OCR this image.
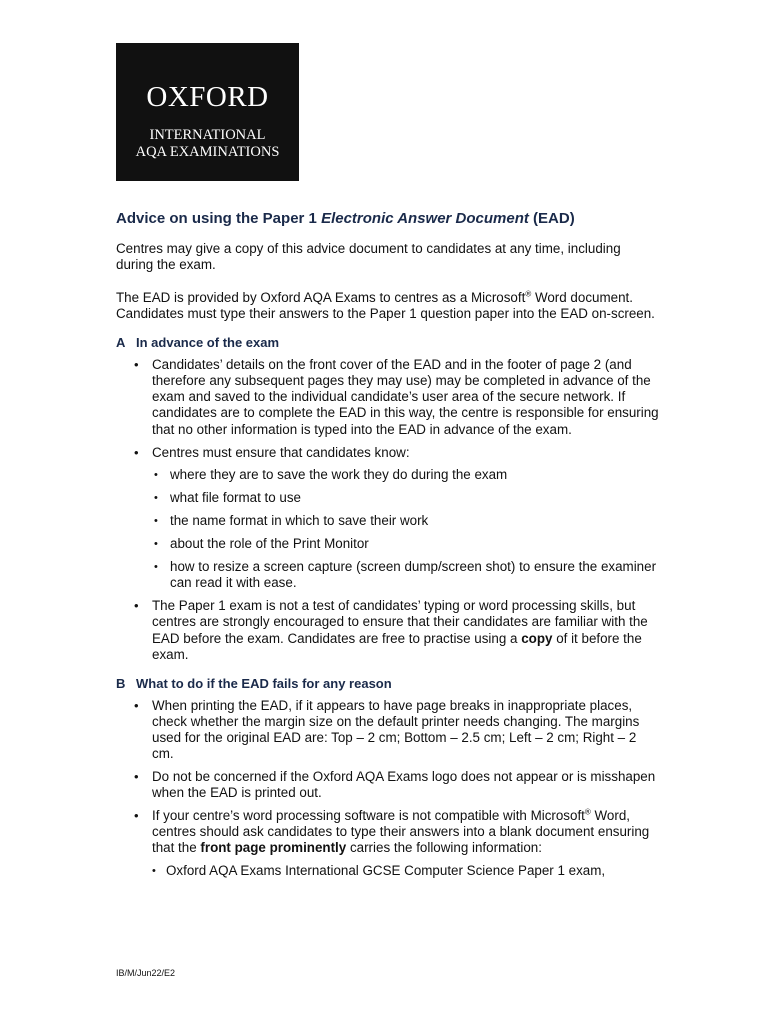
OXFORD
INTERNATIONAL
AQA EXAMINATIONS
Advice on using the Paper 1 Electronic Answer Document (EAD)

Centres may give a copy of this advice document to candidates at any time, including during the exam.

The EAD is provided by Oxford AQA Exams to centres as a Microsoft® Word document. Candidates must type their answers to the Paper 1 question paper into the EAD on-screen.

A In advance of the exam
• Candidates’ details on the front cover of the EAD and in the footer of page 2 (and therefore any subsequent pages they may use) may be completed in advance of the exam and saved to the individual candidate’s user area of the secure network. If candidates are to complete the EAD in this way, the centre is responsible for ensuring that no other information is typed into the EAD in advance of the exam.
• Centres must ensure that candidates know:
• where they are to save the work they do during the exam
• what file format to use
• the name format in which to save their work
• about the role of the Print Monitor
• how to resize a screen capture (screen dump/screen shot) to ensure the examiner can read it with ease.
• The Paper 1 exam is not a test of candidates’ typing or word processing skills, but centres are strongly encouraged to ensure that their candidates are familiar with the EAD before the exam. Candidates are free to practise using a copy of it before the exam.
B What to do if the EAD fails for any reason
• When printing the EAD, if it appears to have page breaks in inappropriate places, check whether the margin size on the default printer needs changing. The margins used for the original EAD are: Top – 2 cm; Bottom – 2.5 cm; Left – 2 cm; Right – 2 cm.
• Do not be concerned if the Oxford AQA Exams logo does not appear or is misshapen when the EAD is printed out.
• If your centre’s word processing software is not compatible with Microsoft® Word, centres should ask candidates to type their answers into a blank document ensuring that the front page prominently carries the following information:
• Oxford AQA Exams International GCSE Computer Science Paper 1 exam,
IB/M/Jun22/E2
